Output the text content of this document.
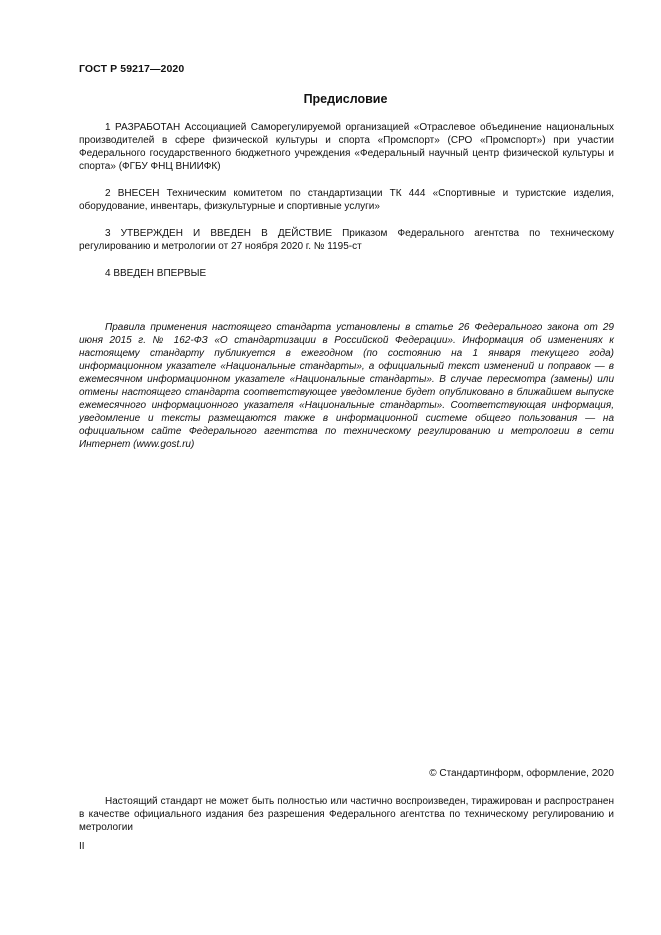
ГОСТ Р 59217—2020
Предисловие
1 РАЗРАБОТАН Ассоциацией Саморегулируемой организацией «Отраслевое объединение национальных производителей в сфере физической культуры и спорта «Промспорт» (СРО «Промспорт») при участии Федерального государственного бюджетного учреждения «Федеральный научный центр физической культуры и спорта» (ФГБУ ФНЦ ВНИИФК)
2 ВНЕСЕН Техническим комитетом по стандартизации ТК 444 «Спортивные и туристские изделия, оборудование, инвентарь, физкультурные и спортивные услуги»
3 УТВЕРЖДЕН И ВВЕДЕН В ДЕЙСТВИЕ Приказом Федерального агентства по техническому регулированию и метрологии от 27 ноября 2020 г. № 1195-ст
4 ВВЕДЕН ВПЕРВЫЕ
Правила применения настоящего стандарта установлены в статье 26 Федерального закона от 29 июня 2015 г. № 162-ФЗ «О стандартизации в Российской Федерации». Информация об изменениях к настоящему стандарту публикуется в ежегодном (по состоянию на 1 января текущего года) информационном указателе «Национальные стандарты», а официальный текст изменений и поправок — в ежемесячном информационном указателе «Национальные стандарты». В случае пересмотра (замены) или отмены настоящего стандарта соответствующее уведомление будет опубликовано в ближайшем выпуске ежемесячного информационного указателя «Национальные стандарты». Соответствующая информация, уведомление и тексты размещаются также в информационной системе общего пользования — на официальном сайте Федерального агентства по техническому регулированию и метрологии в сети Интернет (www.gost.ru)
© Стандартинформ, оформление, 2020
Настоящий стандарт не может быть полностью или частично воспроизведен, тиражирован и распространен в качестве официального издания без разрешения Федерального агентства по техническому регулированию и метрологии
II
